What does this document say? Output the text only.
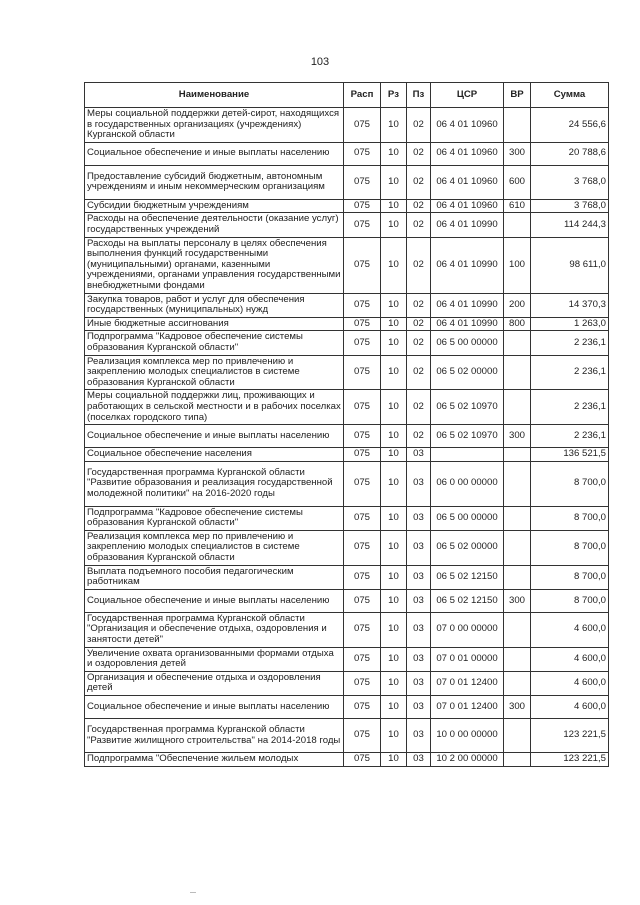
103
Наименование	Расп	Рз	Пз	ЦСР	ВР	Сумма
Меры социальной поддержки детей-сирот, находящихся в государственных организациях (учреждениях) Курганской области	075	10	02	06 4 01 10960		24 556,6
Социальное обеспечение и иные выплаты населению	075	10	02	06 4 01 10960	300	20 788,6
Предоставление субсидий бюджетным, автономным учреждениям и иным некоммерческим организациям	075	10	02	06 4 01 10960	600	3 768,0
Субсидии бюджетным учреждениям	075	10	02	06 4 01 10960	610	3 768,0
Расходы на обеспечение деятельности (оказание услуг) государственных учреждений	075	10	02	06 4 01 10990		114 244,3
Расходы на выплаты персоналу в целях обеспечения выполнения функций государственными (муниципальными) органами, казенными учреждениями, органами управления государственными внебюджетными фондами	075	10	02	06 4 01 10990	100	98 611,0
Закупка товаров, работ и услуг для обеспечения государственных (муниципальных) нужд	075	10	02	06 4 01 10990	200	14 370,3
Иные бюджетные ассигнования	075	10	02	06 4 01 10990	800	1 263,0
Подпрограмма "Кадровое обеспечение системы образования Курганской области"	075	10	02	06 5 00 00000		2 236,1
Реализация комплекса мер по привлечению и закреплению молодых специалистов в системе образования Курганской области	075	10	02	06 5 02 00000		2 236,1
Меры социальной поддержки лиц, проживающих и работающих в сельской местности и в рабочих поселках (поселках городского типа)	075	10	02	06 5 02 10970		2 236,1
Социальное обеспечение и иные выплаты населению	075	10	02	06 5 02 10970	300	2 236,1
Социальное обеспечение населения	075	10	03			136 521,5
Государственная программа Курганской области "Развитие образования и реализация государственной молодежной политики" на 2016-2020 годы	075	10	03	06 0 00 00000		8 700,0
Подпрограмма "Кадровое обеспечение системы образования Курганской области"	075	10	03	06 5 00 00000		8 700,0
Реализация комплекса мер по привлечению и закреплению молодых специалистов в системе образования Курганской области	075	10	03	06 5 02 00000		8 700,0
Выплата подъемного пособия педагогическим работникам	075	10	03	06 5 02 12150		8 700,0
Социальное обеспечение и иные выплаты населению	075	10	03	06 5 02 12150	300	8 700,0
Государственная программа Курганской области "Организация и обеспечение отдыха, оздоровления и занятости детей"	075	10	03	07 0 00 00000		4 600,0
Увеличение охвата организованными формами отдыха и оздоровления детей	075	10	03	07 0 01 00000		4 600,0
Организация и обеспечение отдыха и оздоровления детей	075	10	03	07 0 01 12400		4 600,0
Социальное обеспечение и иные выплаты населению	075	10	03	07 0 01 12400	300	4 600,0
Государственная программа Курганской области "Развитие жилищного строительства" на 2014-2018 годы	075	10	03	10 0 00 00000		123 221,5
Подпрограмма "Обеспечение жильем молодых	075	10	03	10 2 00 00000		123 221,5
